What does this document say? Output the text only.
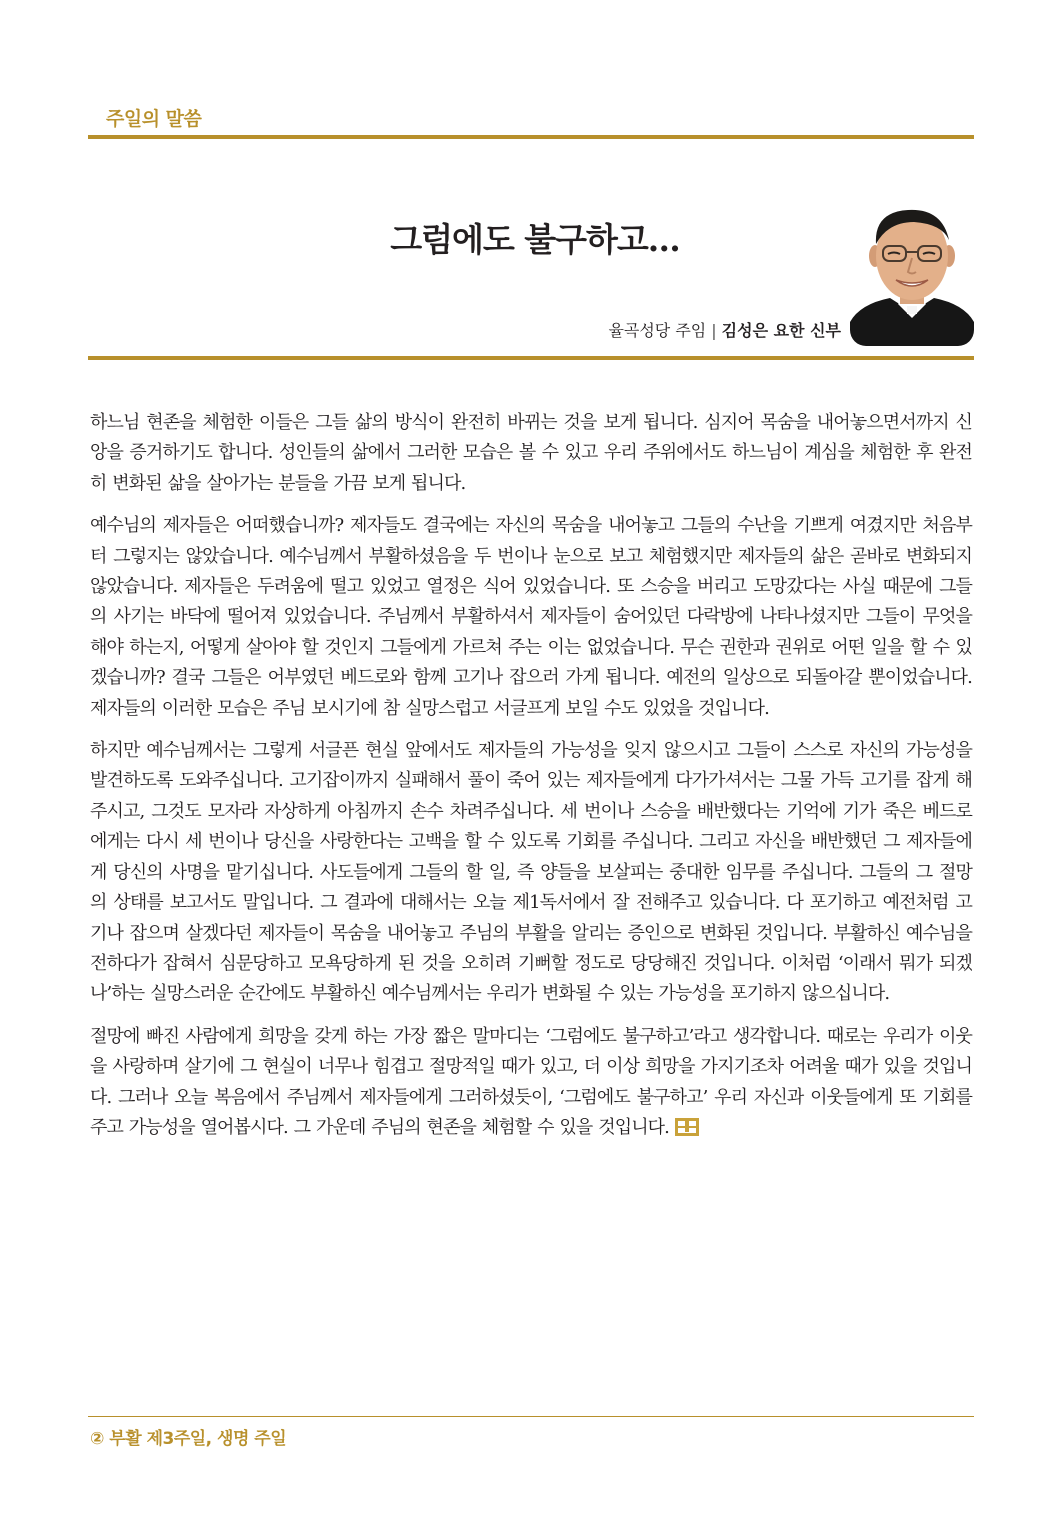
주일의 말씀
그럼에도 불구하고…
율곡성당 주임 | 김성은 요한 신부

하느님 현존을 체험한 이들은 그들 삶의 방식이 완전히 바뀌는 것을 보게 됩니다. 심지어 목숨을 내어놓으면서까지 신앙을 증거하기도 합니다. 성인들의 삶에서 그러한 모습은 볼 수 있고 우리 주위에서도 하느님이 계심을 체험한 후 완전히 변화된 삶을 살아가는 분들을 가끔 보게 됩니다.

예수님의 제자들은 어떠했습니까? 제자들도 결국에는 자신의 목숨을 내어놓고 그들의 수난을 기쁘게 여겼지만 처음부터 그렇지는 않았습니다. 예수님께서 부활하셨음을 두 번이나 눈으로 보고 체험했지만 제자들의 삶은 곧바로 변화되지 않았습니다. 제자들은 두려움에 떨고 있었고 열정은 식어 있었습니다. 또 스승을 버리고 도망갔다는 사실 때문에 그들의 사기는 바닥에 떨어져 있었습니다. 주님께서 부활하셔서 제자들이 숨어있던 다락방에 나타나셨지만 그들이 무엇을 해야 하는지, 어떻게 살아야 할 것인지 그들에게 가르쳐 주는 이는 없었습니다. 무슨 권한과 권위로 어떤 일을 할 수 있겠습니까? 결국 그들은 어부였던 베드로와 함께 고기나 잡으러 가게 됩니다. 예전의 일상으로 되돌아갈 뿐이었습니다. 제자들의 이러한 모습은 주님 보시기에 참 실망스럽고 서글프게 보일 수도 있었을 것입니다.

하지만 예수님께서는 그렇게 서글픈 현실 앞에서도 제자들의 가능성을 잊지 않으시고 그들이 스스로 자신의 가능성을 발견하도록 도와주십니다. 고기잡이까지 실패해서 풀이 죽어 있는 제자들에게 다가가셔서는 그물 가득 고기를 잡게 해주시고, 그것도 모자라 자상하게 아침까지 손수 차려주십니다. 세 번이나 스승을 배반했다는 기억에 기가 죽은 베드로에게는 다시 세 번이나 당신을 사랑한다는 고백을 할 수 있도록 기회를 주십니다. 그리고 자신을 배반했던 그 제자들에게 당신의 사명을 맡기십니다. 사도들에게 그들의 할 일, 즉 양들을 보살피는 중대한 임무를 주십니다. 그들의 그 절망의 상태를 보고서도 말입니다. 그 결과에 대해서는 오늘 제1독서에서 잘 전해주고 있습니다. 다 포기하고 예전처럼 고기나 잡으며 살겠다던 제자들이 목숨을 내어놓고 주님의 부활을 알리는 증인으로 변화된 것입니다. 부활하신 예수님을 전하다가 잡혀서 심문당하고 모욕당하게 된 것을 오히려 기뻐할 정도로 당당해진 것입니다. 이처럼 ‘이래서 뭐가 되겠나’하는 실망스러운 순간에도 부활하신 예수님께서는 우리가 변화될 수 있는 가능성을 포기하지 않으십니다.

절망에 빠진 사람에게 희망을 갖게 하는 가장 짧은 말마디는 ‘그럼에도 불구하고’라고 생각합니다. 때로는 우리가 이웃을 사랑하며 살기에 그 현실이 너무나 힘겹고 절망적일 때가 있고, 더 이상 희망을 가지기조차 어려울 때가 있을 것입니다. 그러나 오늘 복음에서 주님께서 제자들에게 그러하셨듯이, ‘그럼에도 불구하고’ 우리 자신과 이웃들에게 또 기회를 주고 가능성을 열어봅시다. 그 가운데 주님의 현존을 체험할 수 있을 것입니다.

② 부활 제3주일, 생명 주일
